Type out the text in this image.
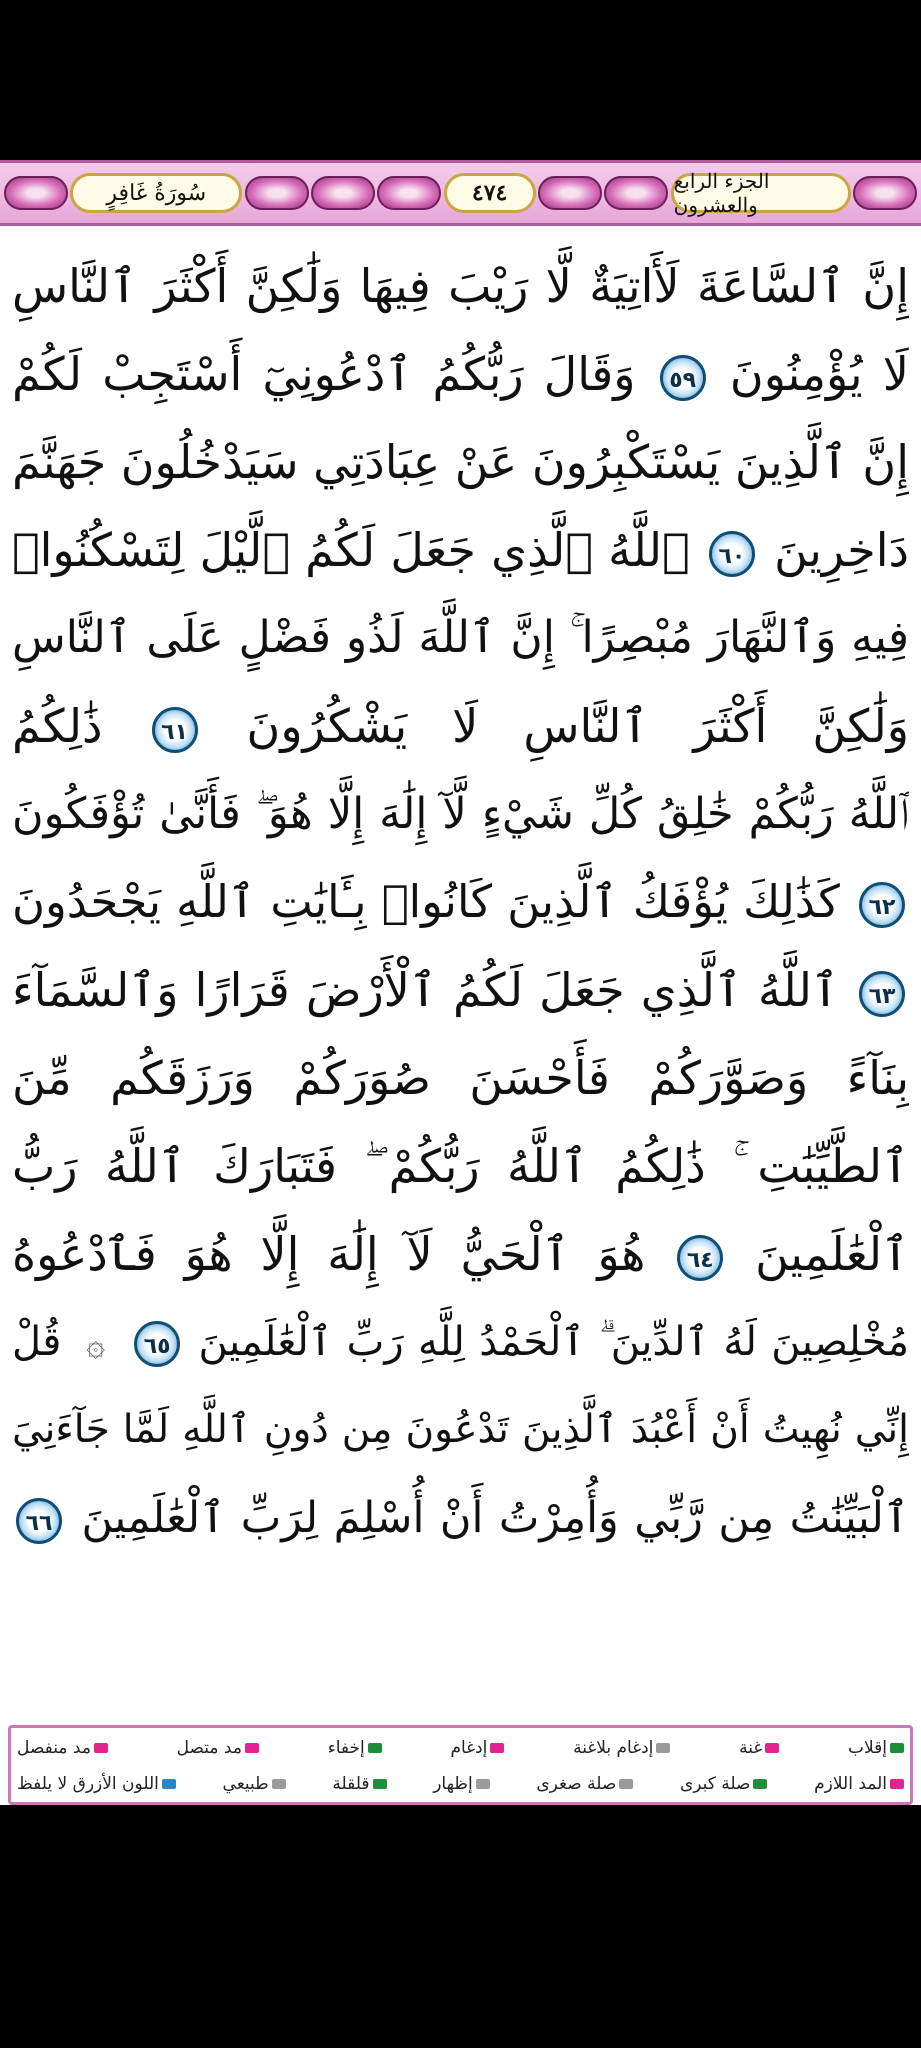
سُورَةُ غَافِرٍ	٤٧٤	الجزء الرابع والعشرون
إِنَّ ٱلسَّاعَةَ لَأَاتِيَةٌ لَّا رَيْبَ فِيهَا وَلَٰكِنَّ أَكْثَرَ ٱلنَّاسِ
لَا يُؤْمِنُونَ ٥٩ وَقَالَ رَبُّكُمُ ٱدْعُونِيٓ أَسْتَجِبْ لَكُمْ
إِنَّ ٱلَّذِينَ يَسْتَكْبِرُونَ عَنْ عِبَادَتِي سَيَدْخُلُونَ جَهَنَّمَ
دَاخِرِينَ ٦٠ ٱللَّهُ ٱلَّذِي جَعَلَ لَكُمُ ٱلَّيْلَ لِتَسْكُنُوا۟
فِيهِ وَٱلنَّهَارَ مُبْصِرًا ۚ إِنَّ ٱللَّهَ لَذُو فَضْلٍ عَلَى ٱلنَّاسِ
وَلَٰكِنَّ أَكْثَرَ ٱلنَّاسِ لَا يَشْكُرُونَ ٦١ ذَٰلِكُمُ
ٱللَّهُ رَبُّكُمْ خَٰلِقُ كُلِّ شَيْءٍ لَّآ إِلَٰهَ إِلَّا هُوَ ۖ فَأَنَّىٰ تُؤْفَكُونَ
٦٢ كَذَٰلِكَ يُؤْفَكُ ٱلَّذِينَ كَانُوا۟ بِـَٔايَٰتِ ٱللَّهِ يَجْحَدُونَ
٦٣ ٱللَّهُ ٱلَّذِي جَعَلَ لَكُمُ ٱلْأَرْضَ قَرَارًا وَٱلسَّمَآءَ
بِنَآءً وَصَوَّرَكُمْ فَأَحْسَنَ صُوَرَكُمْ وَرَزَقَكُم مِّنَ
ٱلطَّيِّبَٰتِ ۚ ذَٰلِكُمُ ٱللَّهُ رَبُّكُمْ ۖ فَتَبَارَكَ ٱللَّهُ رَبُّ
ٱلْعَٰلَمِينَ ٦٤ هُوَ ٱلْحَيُّ لَآ إِلَٰهَ إِلَّا هُوَ فَٱدْعُوهُ
مُخْلِصِينَ لَهُ ٱلدِّينَ ۗ ٱلْحَمْدُ لِلَّهِ رَبِّ ٱلْعَٰلَمِينَ ٦٥ ۞ قُلْ
إِنِّي نُهِيتُ أَنْ أَعْبُدَ ٱلَّذِينَ تَدْعُونَ مِن دُونِ ٱللَّهِ لَمَّا جَآءَنِيَ
ٱلْبَيِّنَٰتُ مِن رَّبِّي وَأُمِرْتُ أَنْ أُسْلِمَ لِرَبِّ ٱلْعَٰلَمِينَ ٦٦
إقلاب
غنة
إدغام بلاغنة
إدغام
إخفاء
مد متصل
مد منفصل
المد اللازم
صلة كبرى
صلة صغرى
إظهار
قلقلة
طبيعي
اللون الأزرق لا يلفظ
